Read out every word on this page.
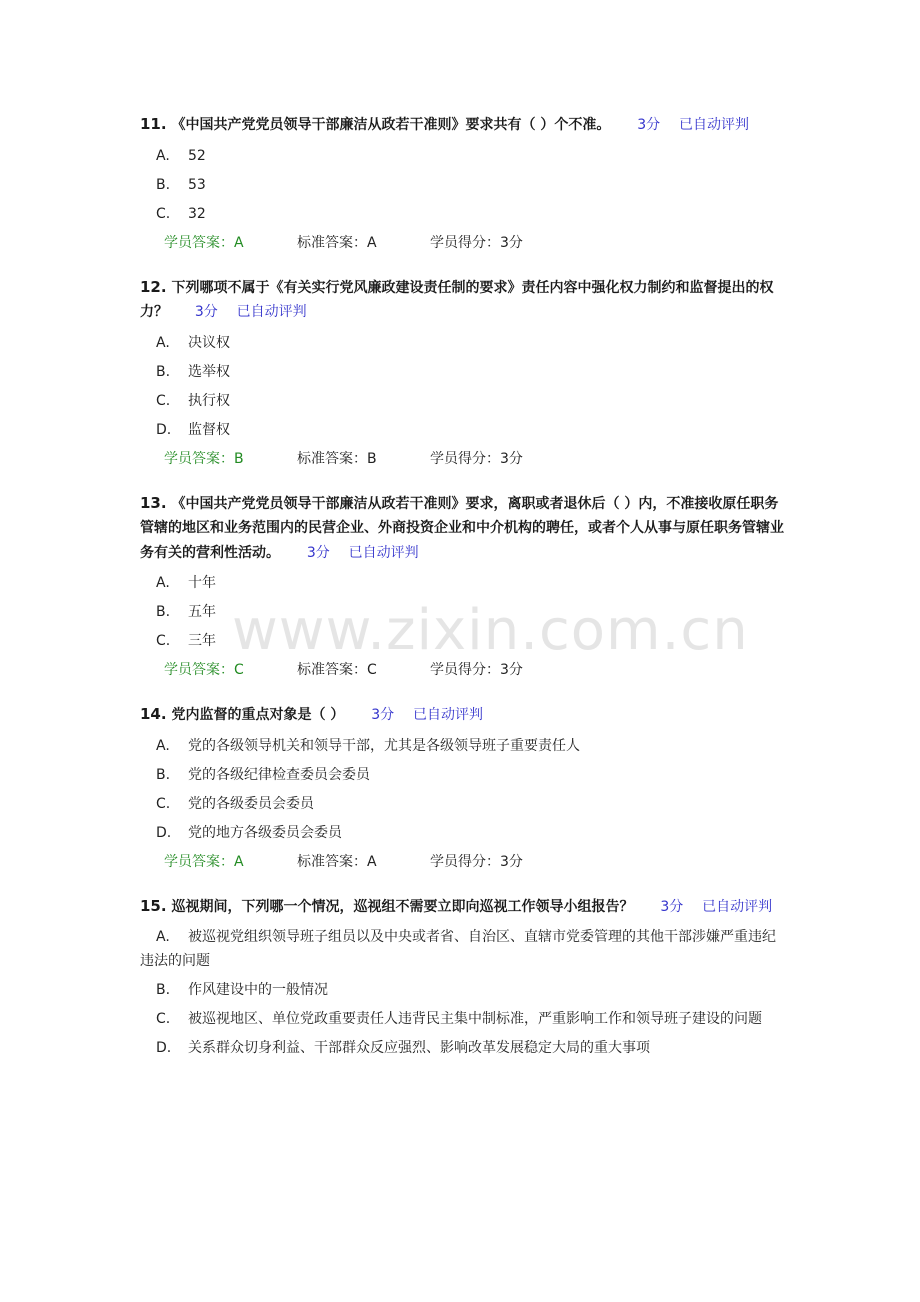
11. 《中国共产党党员领导干部廉洁从政若干准则》要求共有（ ）个不准。 3分 已自动评判
A. 52
B. 53
C. 32
学员答案：A	标准答案：A	学员得分：3分
12. 下列哪项不属于《有关实行党风廉政建设责任制的要求》责任内容中强化权力制约和监督提出的权力？ 3分 已自动评判
A. 决议权
B. 选举权
C. 执行权
D. 监督权
学员答案：B	标准答案：B	学员得分：3分
13. 《中国共产党党员领导干部廉洁从政若干准则》要求，离职或者退休后（ ）内，不准接收原任职务管辖的地区和业务范围内的民营企业、外商投资企业和中介机构的聘任，或者个人从事与原任职务管辖业务有关的营利性活动。 3分 已自动评判
A. 十年
B. 五年
C. 三年
学员答案：C	标准答案：C	学员得分：3分
14. 党内监督的重点对象是（ ） 3分 已自动评判
A. 党的各级领导机关和领导干部，尤其是各级领导班子重要责任人
B. 党的各级纪律检查委员会委员
C. 党的各级委员会委员
D. 党的地方各级委员会委员
学员答案：A	标准答案：A	学员得分：3分
15. 巡视期间，下列哪一个情况，巡视组不需要立即向巡视工作领导小组报告？ 3分 已自动评判
A. 被巡视党组织领导班子组员以及中央或者省、自治区、直辖市党委管理的其他干部涉嫌严重违纪违法的问题
B. 作风建设中的一般情况
C. 被巡视地区、单位党政重要责任人违背民主集中制标准，严重影响工作和领导班子建设的问题
D. 关系群众切身利益、干部群众反应强烈、影响改革发展稳定大局的重大事项
www.zixin.com.cn
